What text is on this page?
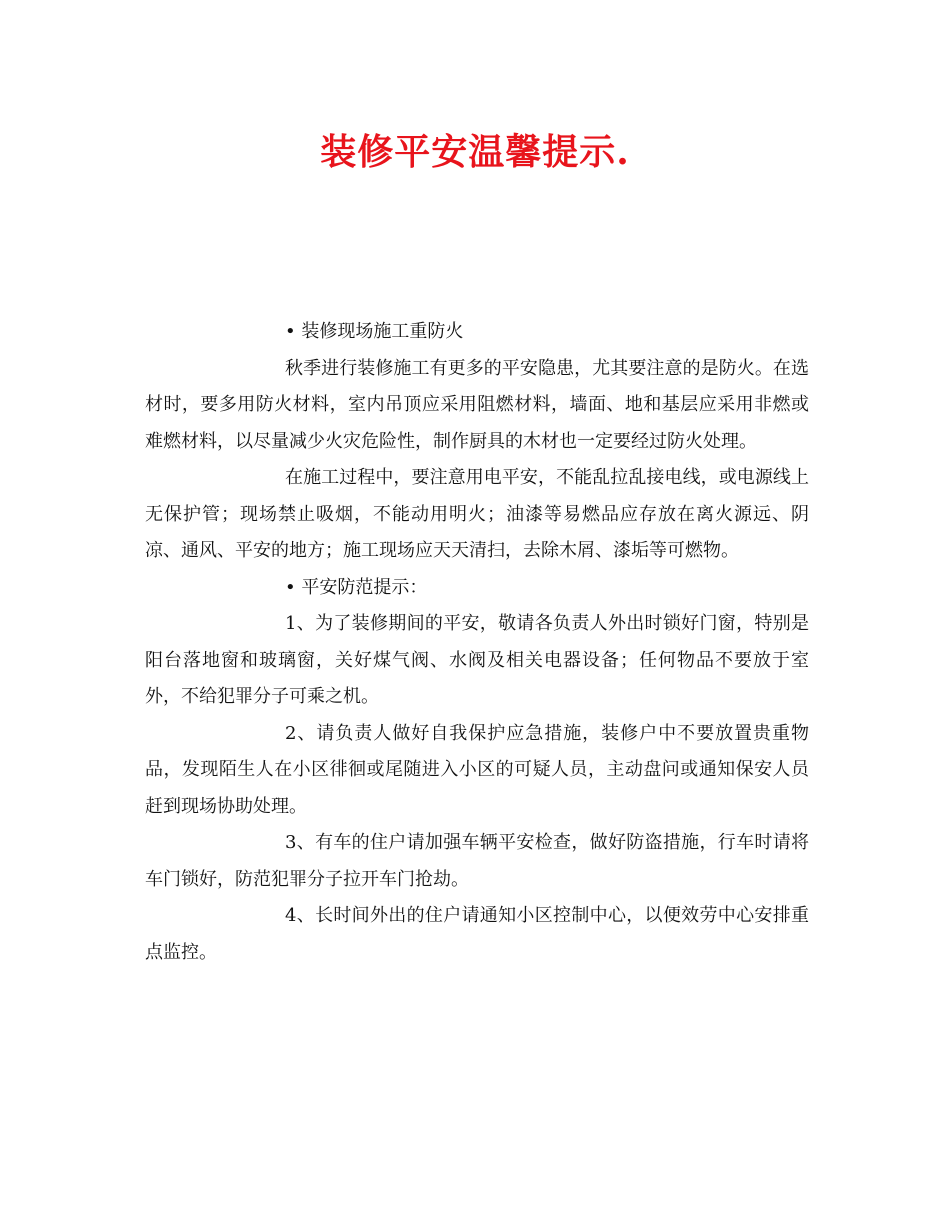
装修平安温馨提示.

• 装修现场施工重防火

秋季进行装修施工有更多的平安隐患，尤其要注意的是防火。在选材时，要多用防火材料，室内吊顶应采用阻燃材料，墙面、地和基层应采用非燃或难燃材料，以尽量减少火灾危险性，制作厨具的木材也一定要经过防火处理。

在施工过程中，要注意用电平安，不能乱拉乱接电线，或电源线上无保护管；现场禁止吸烟，不能动用明火；油漆等易燃品应存放在离火源远、阴凉、通风、平安的地方；施工现场应天天清扫，去除木屑、漆垢等可燃物。

• 平安防范提示：

1、为了装修期间的平安，敬请各负责人外出时锁好门窗，特别是阳台落地窗和玻璃窗，关好煤气阀、水阀及相关电器设备；任何物品不要放于室外，不给犯罪分子可乘之机。

2、请负责人做好自我保护应急措施，装修户中不要放置贵重物品，发现陌生人在小区徘徊或尾随进入小区的可疑人员，主动盘问或通知保安人员赶到现场协助处理。

3、有车的住户请加强车辆平安检查，做好防盗措施，行车时请将车门锁好，防范犯罪分子拉开车门抢劫。

4、长时间外出的住户请通知小区控制中心，以便效劳中心安排重点监控。
